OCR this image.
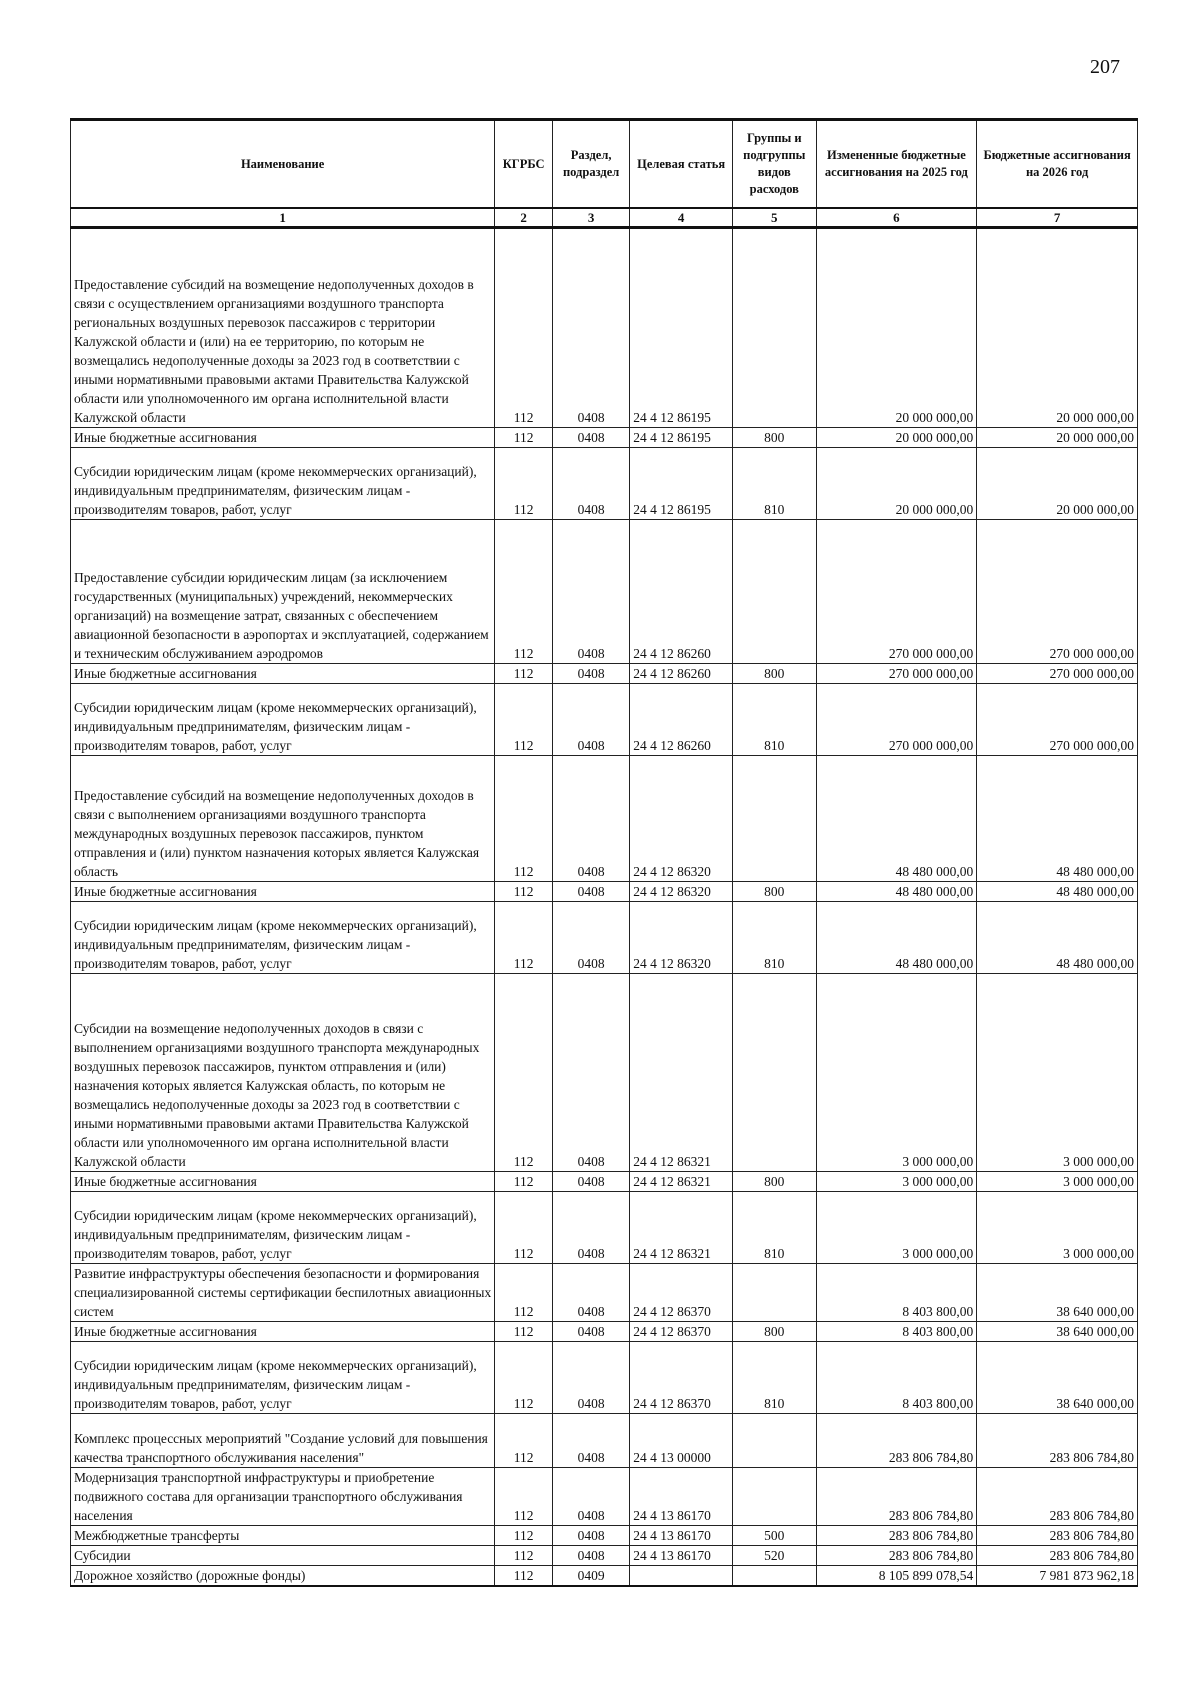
207
Наименование	КГРБС	Раздел, подраздел	Целевая статья	Группы и подгруппы видов расходов	Измененные бюджетные ассигнования на 2025 год	Бюджетные ассигнования на 2026 год

1	2	3	4	5	6	7
Предоставление субсидий на возмещение недополученных доходов в связи с осуществлением организациями воздушного транспорта региональных воздушных перевозок пассажиров с территории Калужской области и (или) на ее территорию, по которым не возмещались недополученные доходы за 2023 год в соответствии с иными нормативными правовыми актами Правительства Калужской области или уполномоченного им органа исполнительной власти Калужской области	112	0408	24 4 12 86195		20 000 000,00	20 000 000,00
Иные бюджетные ассигнования	112	0408	24 4 12 86195	800	20 000 000,00	20 000 000,00
Субсидии юридическим лицам (кроме некоммерческих организаций), индивидуальным предпринимателям, физическим лицам - производителям товаров, работ, услуг	112	0408	24 4 12 86195	810	20 000 000,00	20 000 000,00
Предоставление субсидии юридическим лицам (за исключением государственных (муниципальных) учреждений, некоммерческих организаций) на возмещение затрат, связанных с обеспечением авиационной безопасности в аэропортах и эксплуатацией, содержанием и техническим обслуживанием аэродромов	112	0408	24 4 12 86260		270 000 000,00	270 000 000,00
Иные бюджетные ассигнования	112	0408	24 4 12 86260	800	270 000 000,00	270 000 000,00
Субсидии юридическим лицам (кроме некоммерческих организаций), индивидуальным предпринимателям, физическим лицам - производителям товаров, работ, услуг	112	0408	24 4 12 86260	810	270 000 000,00	270 000 000,00
Предоставление субсидий на возмещение недополученных доходов в связи с выполнением организациями воздушного транспорта международных воздушных перевозок пассажиров, пунктом отправления и (или) пунктом назначения которых является Калужская область	112	0408	24 4 12 86320		48 480 000,00	48 480 000,00
Иные бюджетные ассигнования	112	0408	24 4 12 86320	800	48 480 000,00	48 480 000,00
Субсидии юридическим лицам (кроме некоммерческих организаций), индивидуальным предпринимателям, физическим лицам - производителям товаров, работ, услуг	112	0408	24 4 12 86320	810	48 480 000,00	48 480 000,00
Субсидии на возмещение недополученных доходов в связи с выполнением организациями воздушного транспорта международных воздушных перевозок пассажиров, пунктом отправления и (или) назначения которых является Калужская область, по которым не возмещались недополученные доходы за 2023 год в соответствии с иными нормативными правовыми актами Правительства Калужской области или уполномоченного им органа исполнительной власти Калужской области	112	0408	24 4 12 86321		3 000 000,00	3 000 000,00
Иные бюджетные ассигнования	112	0408	24 4 12 86321	800	3 000 000,00	3 000 000,00
Субсидии юридическим лицам (кроме некоммерческих организаций), индивидуальным предпринимателям, физическим лицам - производителям товаров, работ, услуг	112	0408	24 4 12 86321	810	3 000 000,00	3 000 000,00
Развитие инфраструктуры обеспечения безопасности и формирования специализированной системы сертификации беспилотных авиационных систем	112	0408	24 4 12 86370		8 403 800,00	38 640 000,00
Иные бюджетные ассигнования	112	0408	24 4 12 86370	800	8 403 800,00	38 640 000,00
Субсидии юридическим лицам (кроме некоммерческих организаций), индивидуальным предпринимателям, физическим лицам - производителям товаров, работ, услуг	112	0408	24 4 12 86370	810	8 403 800,00	38 640 000,00
Комплекс процессных мероприятий "Создание условий для повышения качества транспортного обслуживания населения"	112	0408	24 4 13 00000		283 806 784,80	283 806 784,80
Модернизация транспортной инфраструктуры и приобретение подвижного состава для организации транспортного обслуживания населения	112	0408	24 4 13 86170		283 806 784,80	283 806 784,80
Межбюджетные трансферты	112	0408	24 4 13 86170	500	283 806 784,80	283 806 784,80
Субсидии	112	0408	24 4 13 86170	520	283 806 784,80	283 806 784,80
Дорожное хозяйство (дорожные фонды)	112	0409			8 105 899 078,54	7 981 873 962,18
